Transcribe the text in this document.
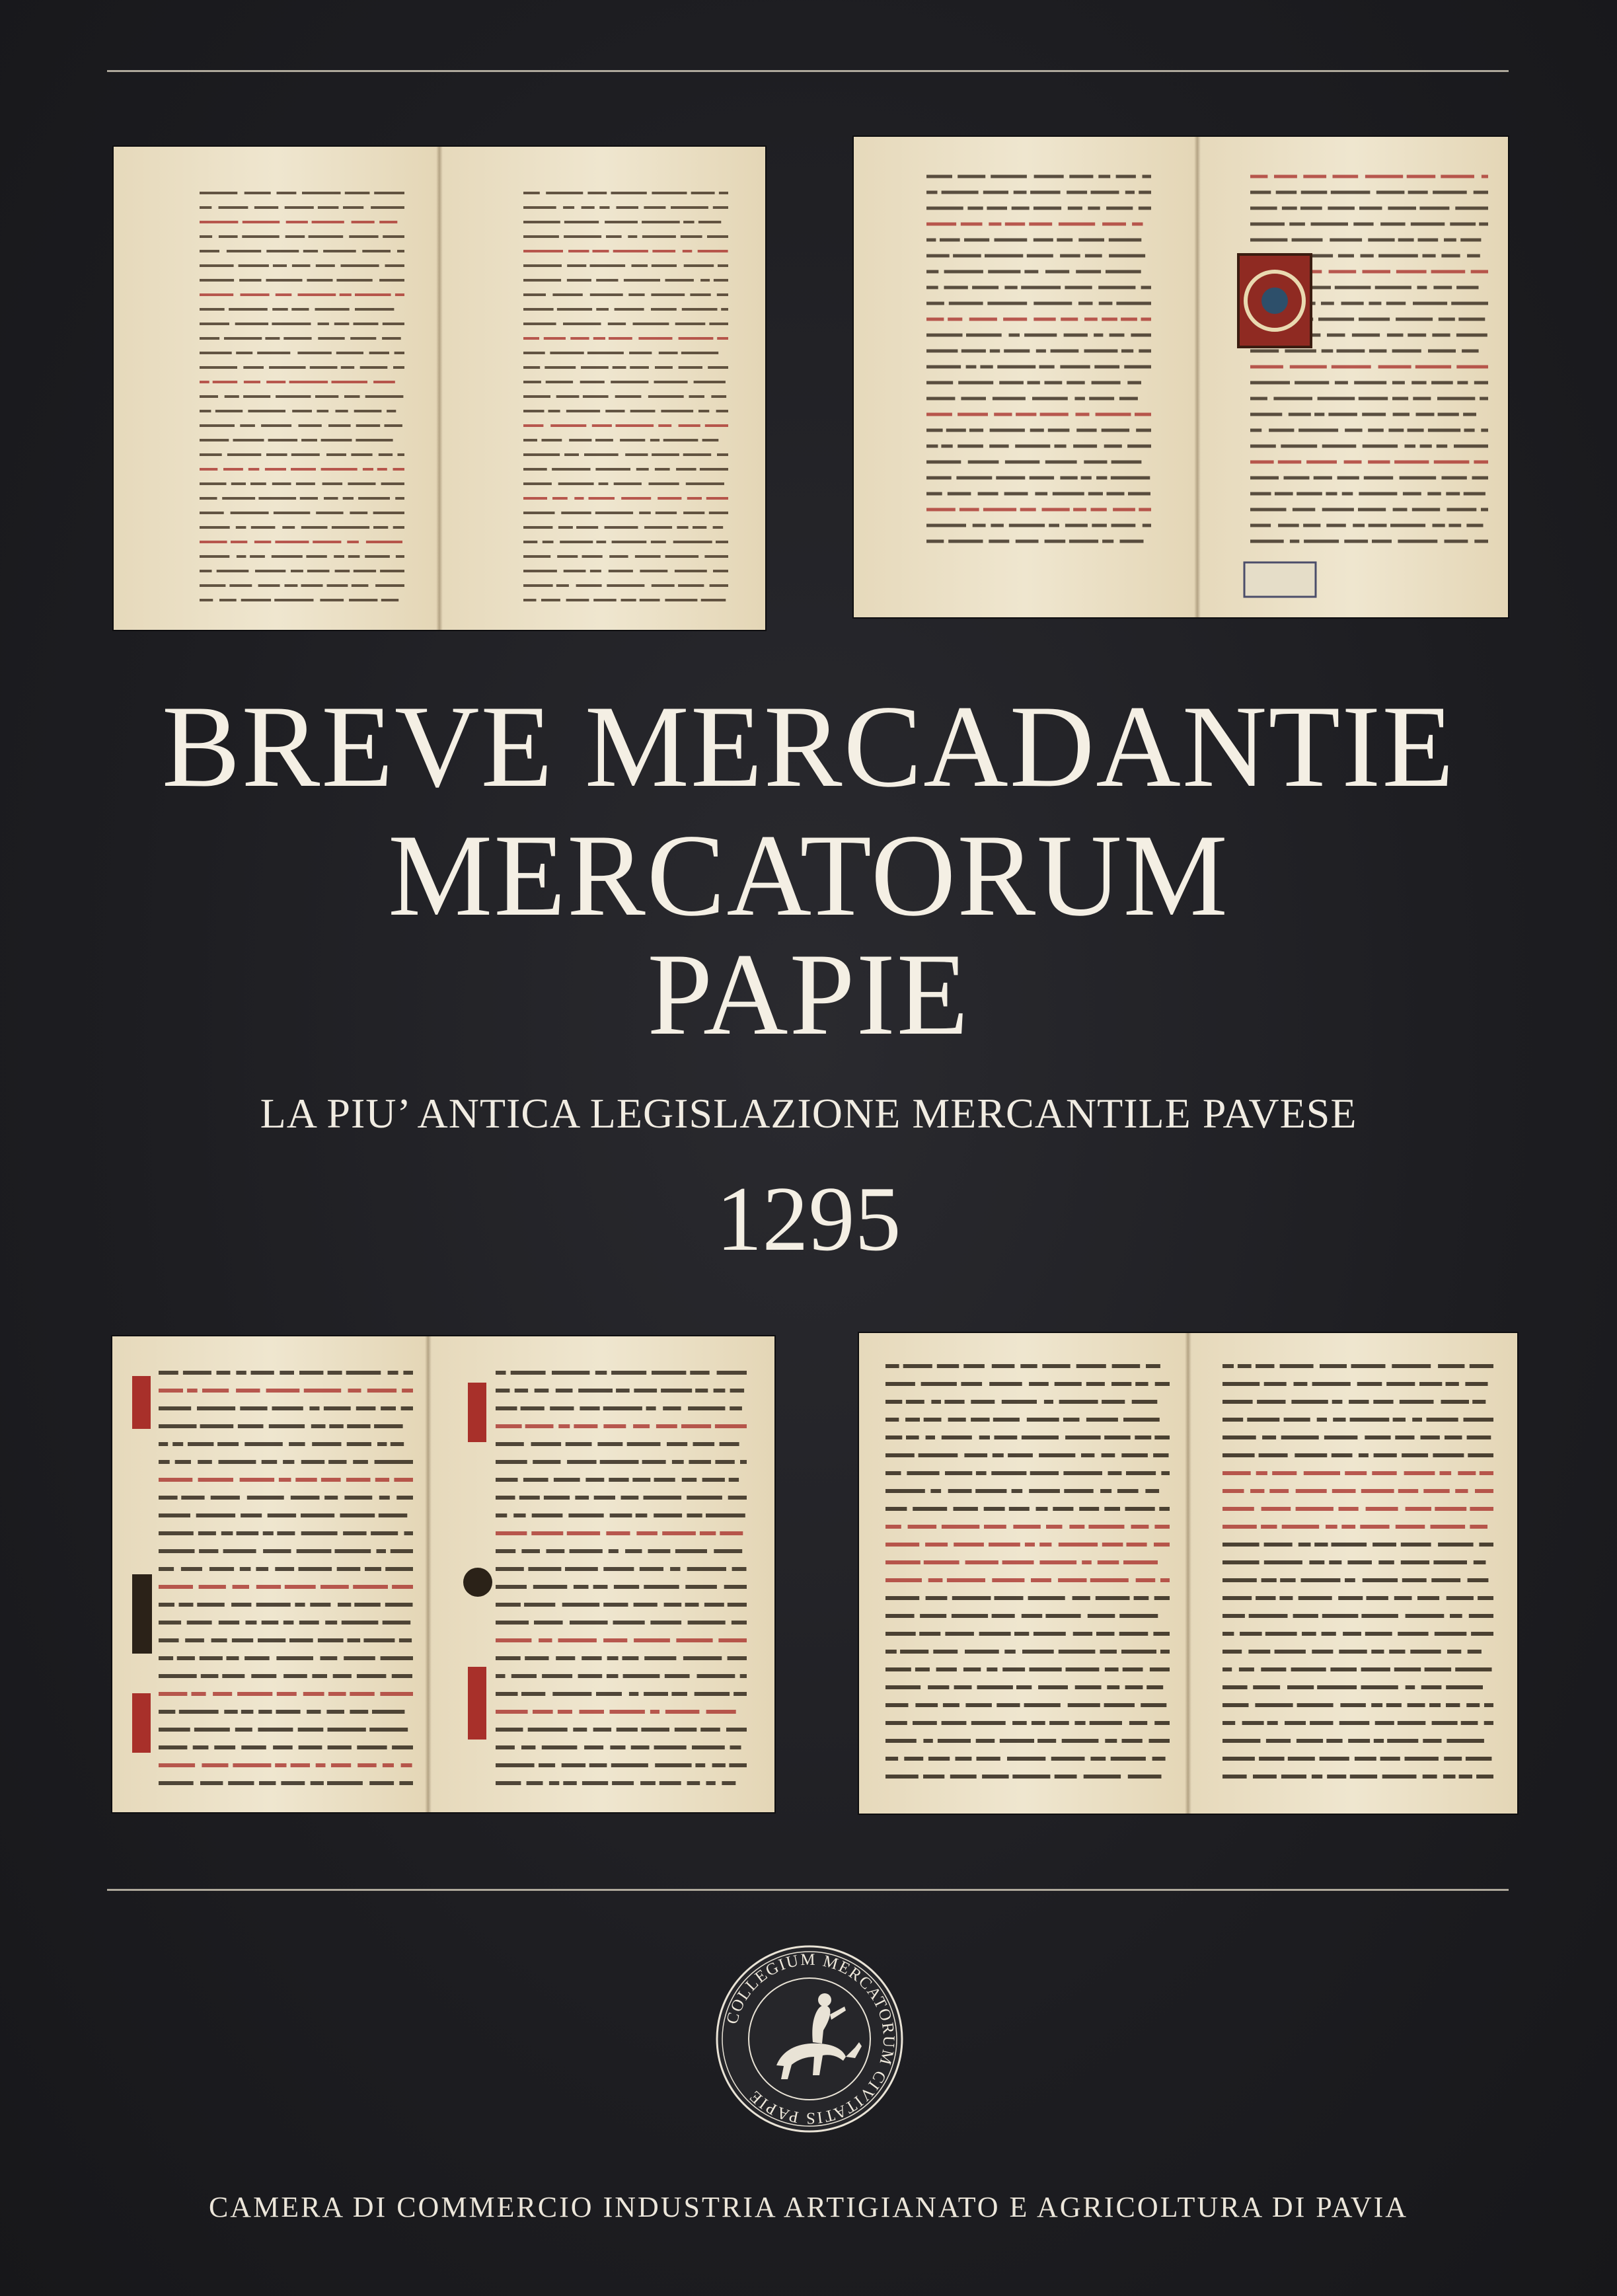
BREVE MERCADANTIE
MERCATORUM
PAPIE
LA PIU’ ANTICA LEGISLAZIONE MERCANTILE PAVESE
1295
COLLEGIUM MERCATORUM CIVITATIS PAPIE
CAMERA DI COMMERCIO INDUSTRIA ARTIGIANATO E AGRICOLTURA DI PAVIA
